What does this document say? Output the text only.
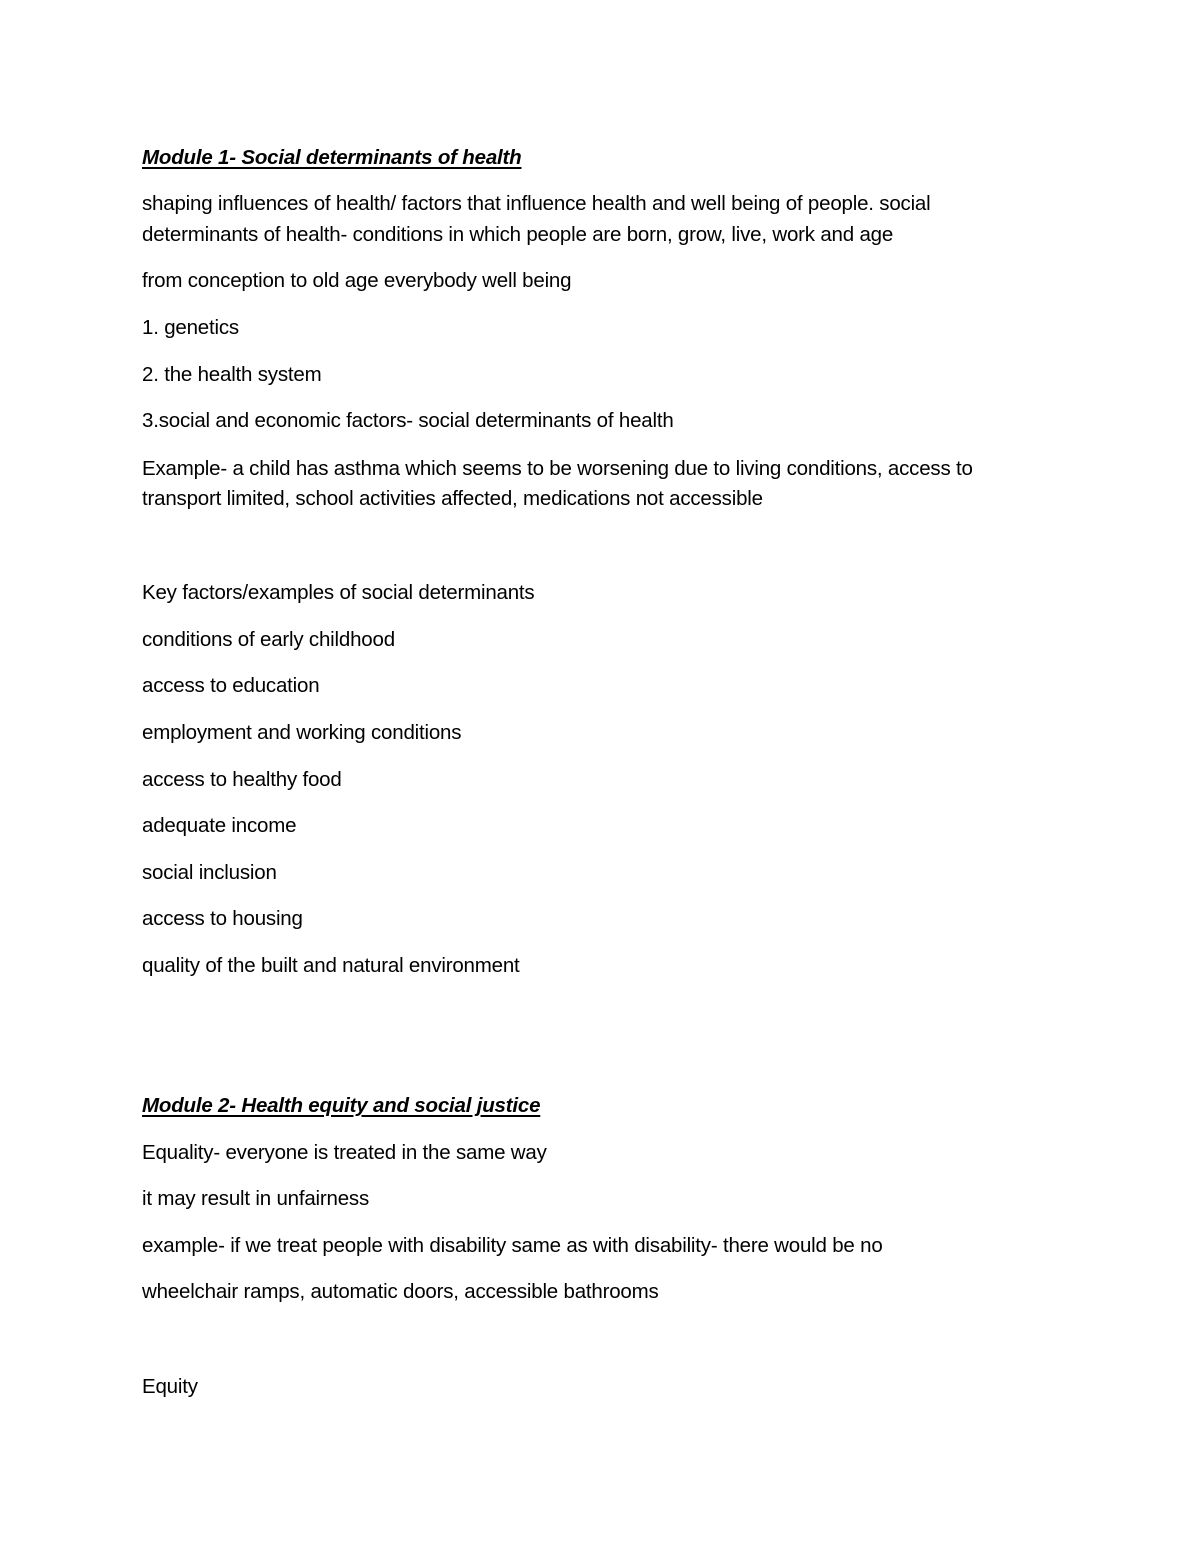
Module 1- Social determinants of health
shaping influences of health/ factors that influence health and well being of people. social
determinants of health- conditions in which people are born, grow, live, work and age
from conception to old age everybody well being
1. genetics
2. the health system
3.social and economic factors- social determinants of health
Example- a child has asthma which seems to be worsening due to living conditions, access to
transport limited, school activities affected, medications not accessible
Key factors/examples of social determinants
conditions of early childhood
access to education
employment and working conditions
access to healthy food
adequate income
social inclusion
access to housing
quality of the built and natural environment
Module 2- Health equity and social justice
Equality- everyone is treated in the same way
it may result in unfairness
example- if we treat people with disability same as with disability- there would be no
wheelchair ramps, automatic doors, accessible bathrooms
Equity
